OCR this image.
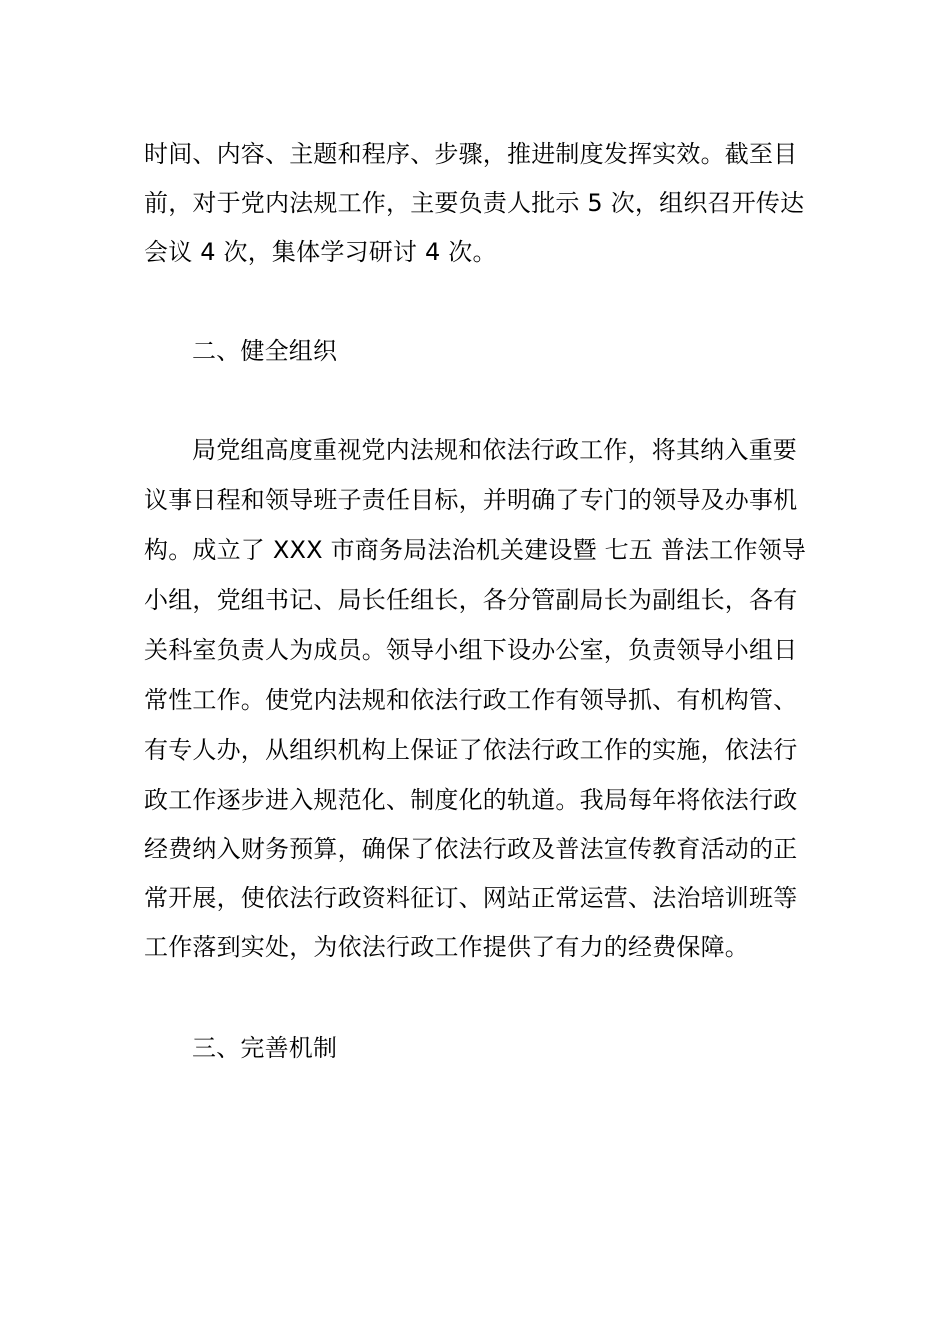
时间、内容、主题和程序、步骤，推进制度发挥实效。截至目
前，对于党内法规工作，主要负责人批示 5 次，组织召开传达
会议 4 次，集体学习研讨 4 次。
二、健全组织
局党组高度重视党内法规和依法行政工作，将其纳入重要
议事日程和领导班子责任目标，并明确了专门的领导及办事机
构。成立了 XXX 市商务局法治机关建设暨 七五 普法工作领导
小组，党组书记、局长任组长，各分管副局长为副组长，各有
关科室负责人为成员。领导小组下设办公室，负责领导小组日
常性工作。使党内法规和依法行政工作有领导抓、有机构管、
有专人办，从组织机构上保证了依法行政工作的实施，依法行
政工作逐步进入规范化、制度化的轨道。我局每年将依法行政
经费纳入财务预算，确保了依法行政及普法宣传教育活动的正
常开展，使依法行政资料征订、网站正常运营、法治培训班等
工作落到实处，为依法行政工作提供了有力的经费保障。
三、完善机制
